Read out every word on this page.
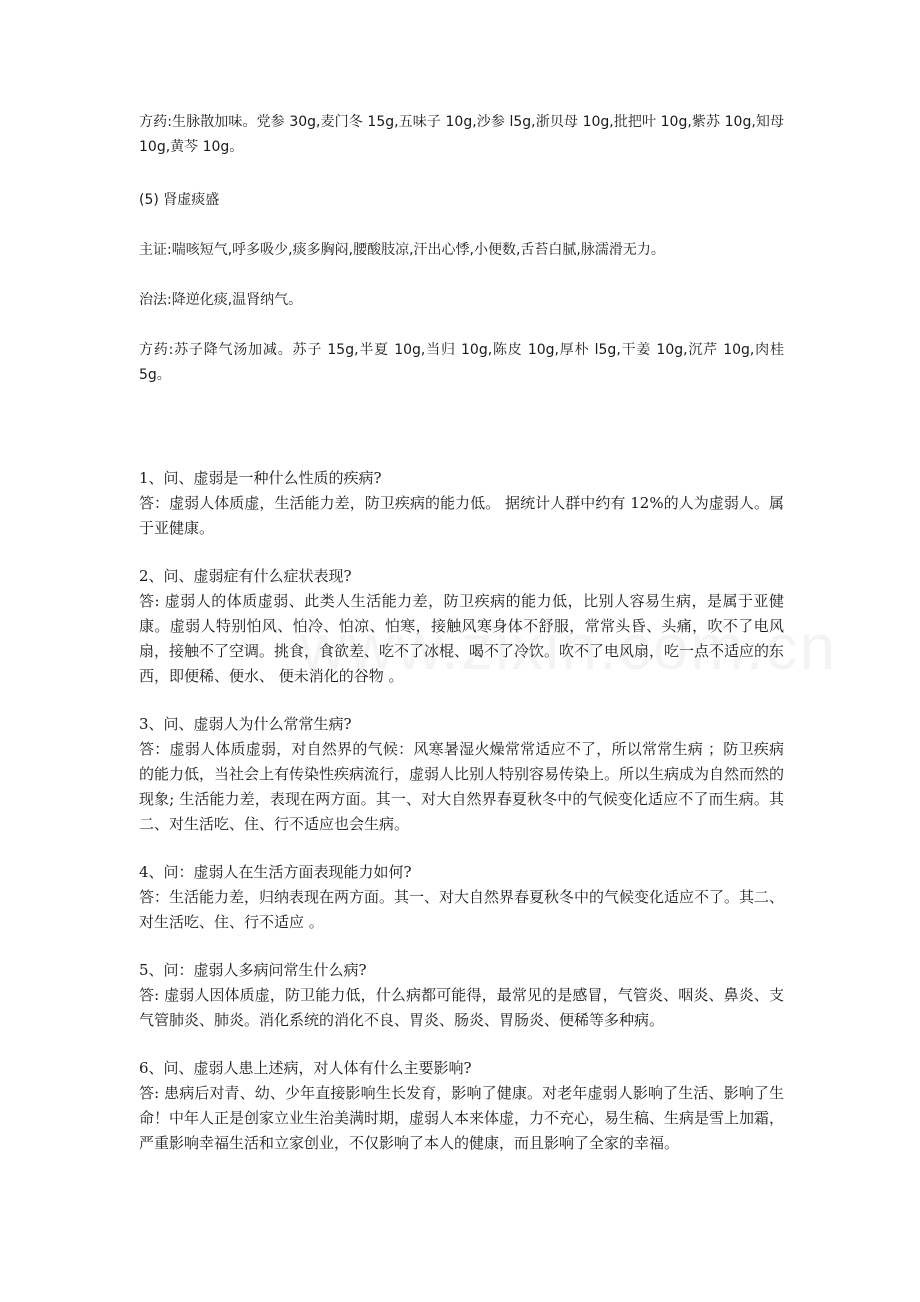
方药:生脉散加味。党参 30g,麦门冬 15g,五味子 10g,沙参 l5g,浙贝母 10g,批把叶 10g,紫苏 10g,知母 10g,黄芩 10g。

(5) 肾虚痰盛

主证:喘咳短气,呼多吸少,痰多胸闷,腰酸肢凉,汗出心悸,小便数,舌苔白腻,脉濡滑无力。

治法:降逆化痰,温肾纳气。

方药:苏子降气汤加减。苏子 15g,半夏 10g,当归 10g,陈皮 10g,厚朴 l5g,干姜 10g,沉芹 10g,肉桂 5g。

1、问、虚弱是一种什么性质的疾病?

答：虚弱人体质虚，生活能力差，防卫疾病的能力低。 据统计人群中约有 12%的人为虚弱人。属于亚健康。

2、问、虚弱症有什么症状表现?

答: 虚弱人的体质虚弱、此类人生活能力差，防卫疾病的能力低，比别人容易生病，是属于亚健康。虚弱人特别怕风、怕冷、怕凉、怕寒，接触风寒身体不舒服，常常头昏、头痛，吹不了电风扇，接触不了空调。挑食，食欲差、吃不了冰棍、喝不了冷饮。吹不了电风扇，吃一点不适应的东西，即便稀、便水、 便未消化的谷物 。

3、问、虚弱人为什么常常生病?

答：虚弱人体质虚弱，对自然界的气候：风寒暑湿火燥常常适应不了，所以常常生病 ；防卫疾病的能力低，当社会上有传染性疾病流行，虚弱人比别人特别容易传染上。所以生病成为自然而然的现象; 生活能力差，表现在两方面。其一、对大自然界春夏秋冬中的气候变化适应不了而生病。其二、对生活吃、住、行不适应也会生病。

4、问：虚弱人在生活方面表现能力如何?

答：生活能力差，归纳表现在两方面。其一、对大自然界春夏秋冬中的气候变化适应不了。其二、对生活吃、住、行不适应 。

5、问：虚弱人多病问常生什么病?

答: 虚弱人因体质虚，防卫能力低，什么病都可能得，最常见的是感冒，气管炎、咽炎、鼻炎、支气管肺炎、肺炎。消化系统的消化不良、胃炎、肠炎、胃肠炎、便稀等多种病。

6、问、虚弱人患上述病，对人体有什么主要影响?

答: 患病后对青、幼、少年直接影响生长发育，影响了健康。对老年虚弱人影响了生活、影响了生命！中年人正是创家立业生治美满时期，虚弱人本来体虚，力不充心，易生稿、生病是雪上加霜，严重影响幸福生活和立家创业，不仅影响了本人的健康，而且影响了全家的幸福。
